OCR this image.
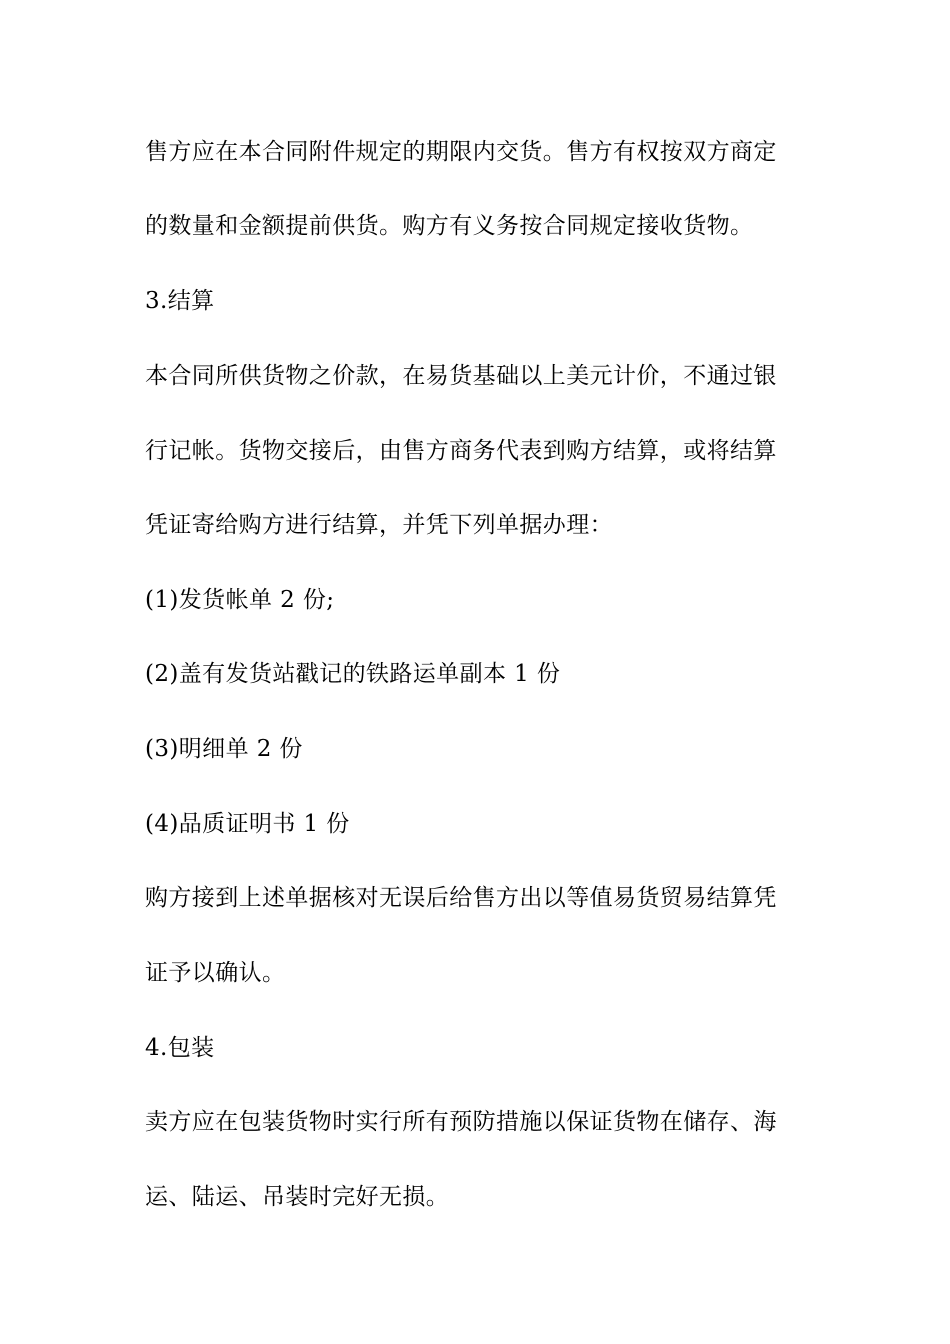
售方应在本合同附件规定的期限内交货。售方有权按双方商定
的数量和金额提前供货。购方有义务按合同规定接收货物。
3.结算
本合同所供货物之价款，在易货基础以上美元计价，不通过银
行记帐。货物交接后，由售方商务代表到购方结算，或将结算
凭证寄给购方进行结算，并凭下列单据办理：
(1)发货帐单 2 份;
(2)盖有发货站戳记的铁路运单副本 1 份
(3)明细单 2 份
(4)品质证明书 1 份
购方接到上述单据核对无误后给售方出以等值易货贸易结算凭
证予以确认。
4.包装
卖方应在包装货物时实行所有预防措施以保证货物在储存、海
运、陆运、吊装时完好无损。
